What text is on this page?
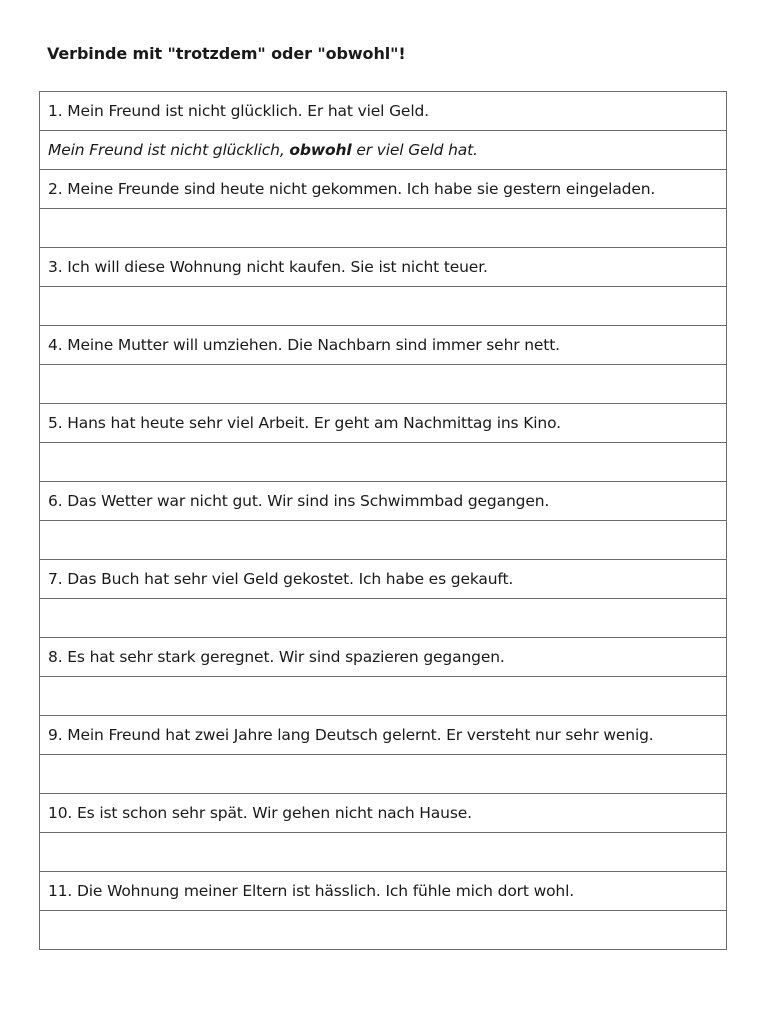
Verbinde mit "trotzdem" oder "obwohl"!
1. Mein Freund ist nicht glücklich. Er hat viel Geld.
Mein Freund ist nicht glücklich, obwohl er viel Geld hat.
2. Meine Freunde sind heute nicht gekommen. Ich habe sie gestern eingeladen.
3. Ich will diese Wohnung nicht kaufen. Sie ist nicht teuer.
4. Meine Mutter will umziehen. Die Nachbarn sind immer sehr nett.
5. Hans hat heute sehr viel Arbeit. Er geht am Nachmittag ins Kino.
6. Das Wetter war nicht gut. Wir sind ins Schwimmbad gegangen.
7. Das Buch hat sehr viel Geld gekostet. Ich habe es gekauft.
8. Es hat sehr stark geregnet. Wir sind spazieren gegangen.
9. Mein Freund hat zwei Jahre lang Deutsch gelernt. Er versteht nur sehr wenig.
10. Es ist schon sehr spät. Wir gehen nicht nach Hause.
11. Die Wohnung meiner Eltern ist hässlich. Ich fühle mich dort wohl.
